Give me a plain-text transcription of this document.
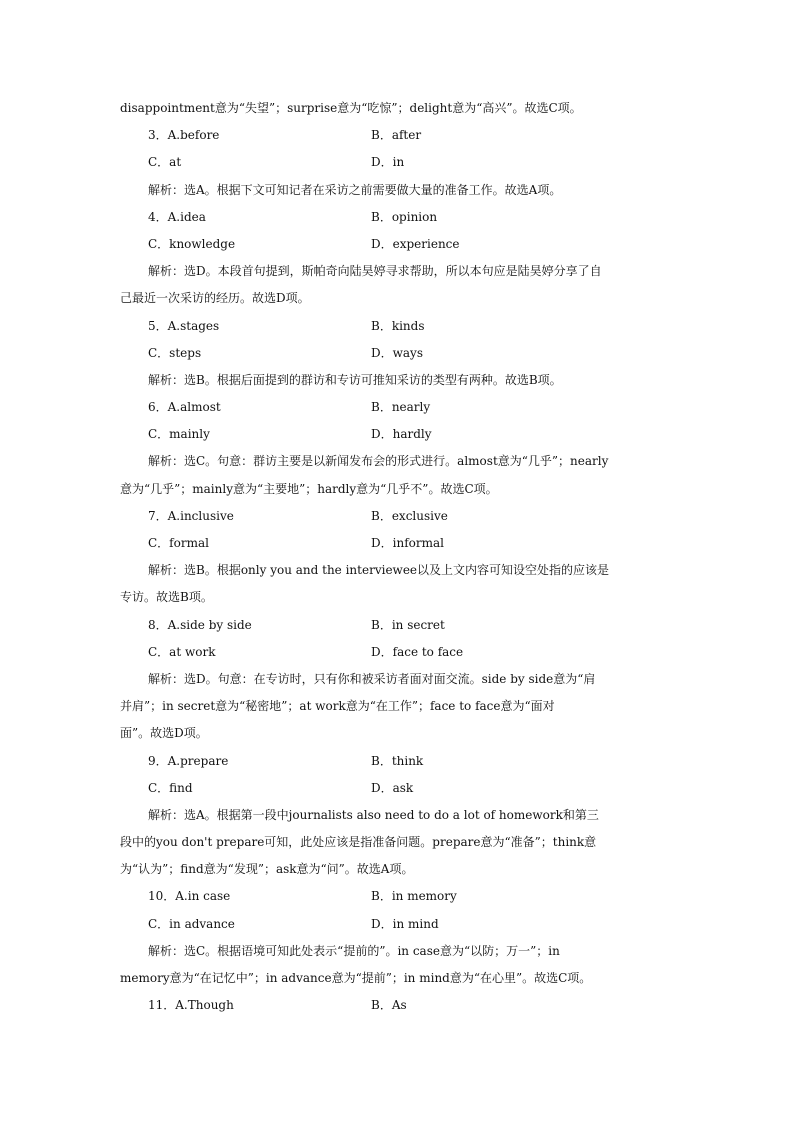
disappointment意为“失望”；surprise意为“吃惊”；delight意为“高兴”。故选C项。
3．A.before	B．after
C．at	D．in
解析：选A。根据下文可知记者在采访之前需要做大量的准备工作。故选A项。
4．A.idea	B．opinion
C．knowledge	D．experience
解析：选D。本段首句提到，斯帕奇向陆昊婷寻求帮助，所以本句应是陆昊婷分享了自
己最近一次采访的经历。故选D项。
5．A.stages	B．kinds
C．steps	D．ways
解析：选B。根据后面提到的群访和专访可推知采访的类型有两种。故选B项。
6．A.almost	B．nearly
C．mainly	D．hardly
解析：选C。句意：群访主要是以新闻发布会的形式进行。almost意为“几乎”；nearly
意为“几乎”；mainly意为“主要地”；hardly意为“几乎不”。故选C项。
7．A.inclusive	B．exclusive
C．formal	D．informal
解析：选B。根据only you and the interviewee以及上文内容可知设空处指的应该是
专访。故选B项。
8．A.side by side	B．in secret
C．at work	D．face to face
解析：选D。句意：在专访时，只有你和被采访者面对面交流。side by side意为“肩
并肩”；in secret意为“秘密地”；at work意为“在工作”；face to face意为“面对
面”。故选D项。
9．A.prepare	B．think
C．find	D．ask
解析：选A。根据第一段中journalists also need to do a lot of homework和第三
段中的you don't prepare可知，此处应该是指准备问题。prepare意为“准备”；think意
为“认为”；find意为“发现”；ask意为“问”。故选A项。
10．A.in case	B．in memory
C．in advance	D．in mind
解析：选C。根据语境可知此处表示“提前的”。in case意为“以防；万一”；in
memory意为“在记忆中”；in advance意为“提前”；in mind意为“在心里”。故选C项。
11．A.Though	B．As
